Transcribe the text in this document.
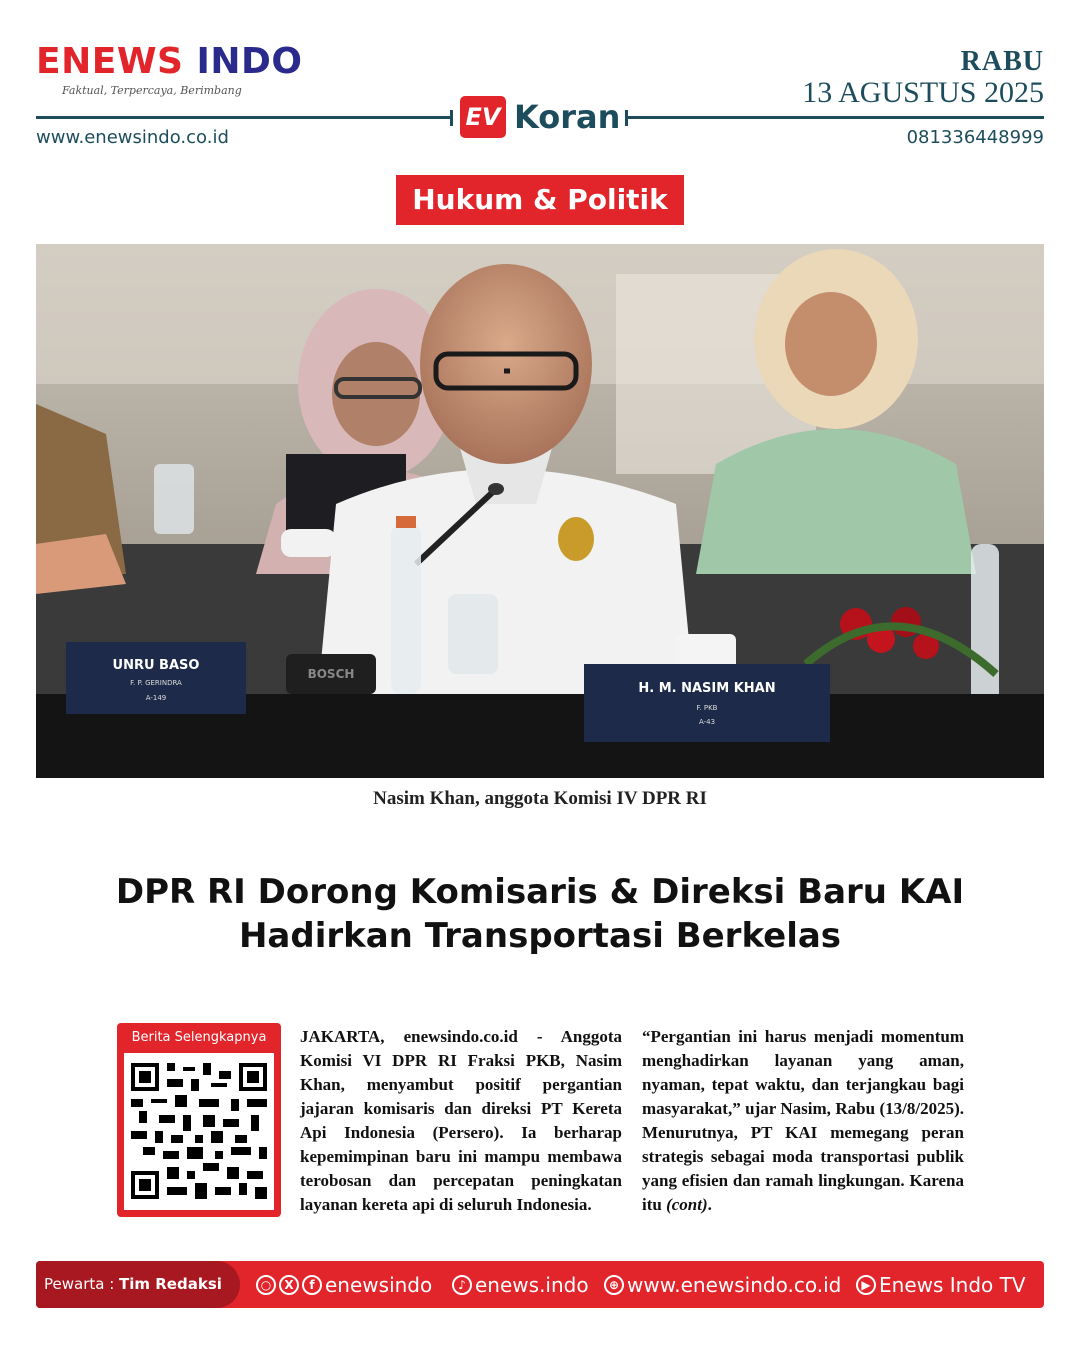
ENEWS INDO
Faktual, Terpercaya, Berimbang
EV Koran
www.enewsindo.co.id	081336448999
RABU
13 AGUSTUS 2025
Hukum & Politik
UNRU BASO
F. P. GERINDRA
A-149
BOSCH
H. M. NASIM KHAN
F. PKB
A-43
Nasim Khan, anggota Komisi IV DPR RI
DPR RI Dorong Komisaris & Direksi Baru KAI
Hadirkan Transportasi Berkelas
Berita Selengkapnya	JAKARTA, enewsindo.co.id - Anggota Komisi VI DPR RI Fraksi PKB, Nasim Khan, menyambut positif pergantian jajaran komisaris dan direksi PT Kereta Api Indonesia (Persero). Ia berharap kepemimpinan baru ini mampu membawa terobosan dan percepatan peningkatan layanan kereta api di seluruh Indonesia.
“Pergantian ini harus menjadi momentum menghadirkan layanan yang aman, nyaman, tepat waktu, dan terjangkau bagi masyarakat,” ujar Nasim, Rabu (13/8/2025). Menurutnya, PT KAI memegang peran strategis sebagai moda transportasi publik yang efisien dan ramah lingkungan. Karena itu (cont).
Pewarta : Tim Redaksi	○	X	f enewsindo	♪ enews.indo	⊕ www.enewsindo.co.id	▶ Enews Indo TV
